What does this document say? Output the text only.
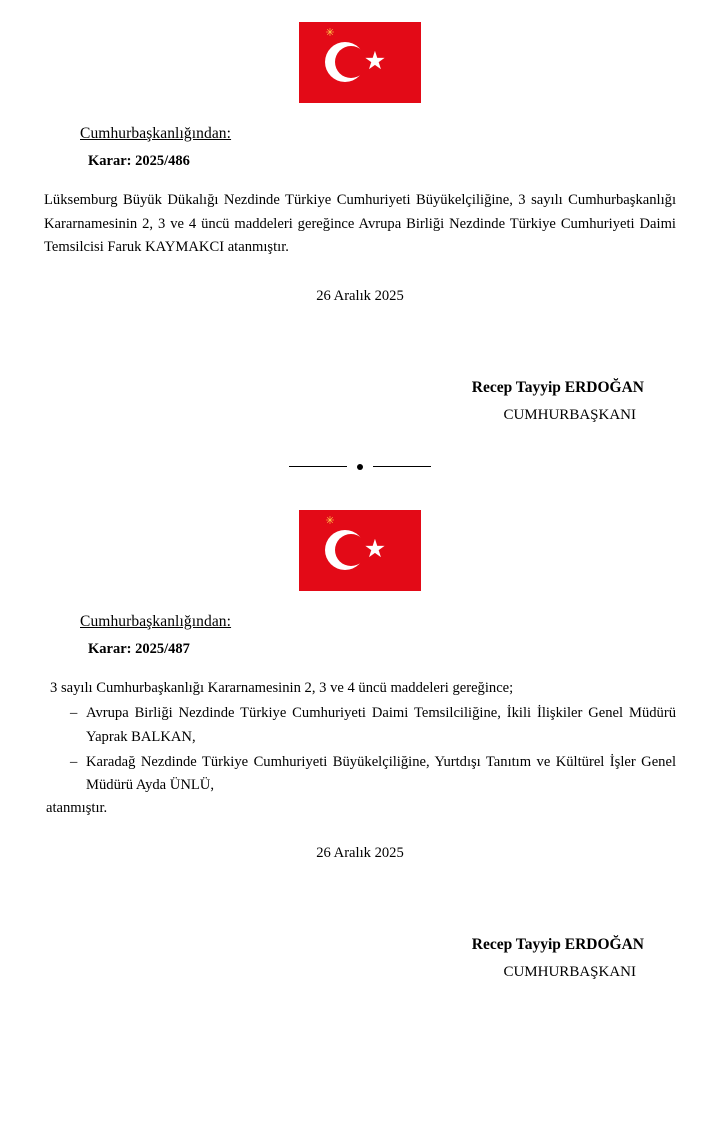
★
✳
Cumhurbaşkanlığından:
Karar: 2025/486
Lüksemburg Büyük Dükalığı Nezdinde Türkiye Cumhuriyeti Büyükelçiliğine, 3 sayılı Cumhurbaşkanlığı Kararnamesinin 2, 3 ve 4 üncü maddeleri gereğince Avrupa Birliği Nezdinde Türkiye Cumhuriyeti Daimi Temsilcisi Faruk KAYMAKCI atanmıştır.
26 Aralık 2025
Recep Tayyip ERDOĞAN
CUMHURBAŞKANI
★
✳
Cumhurbaşkanlığından:
Karar: 2025/487
3 sayılı Cumhurbaşkanlığı Kararnamesinin 2, 3 ve 4 üncü maddeleri gereğince;
– Avrupa Birliği Nezdinde Türkiye Cumhuriyeti Daimi Temsilciliğine, İkili İlişkiler Genel Müdürü Yaprak BALKAN,
– Karadağ Nezdinde Türkiye Cumhuriyeti Büyükelçiliğine, Yurtdışı Tanıtım ve Kültürel İşler Genel Müdürü Ayda ÜNLÜ,
atanmıştır.
26 Aralık 2025
Recep Tayyip ERDOĞAN
CUMHURBAŞKANI
